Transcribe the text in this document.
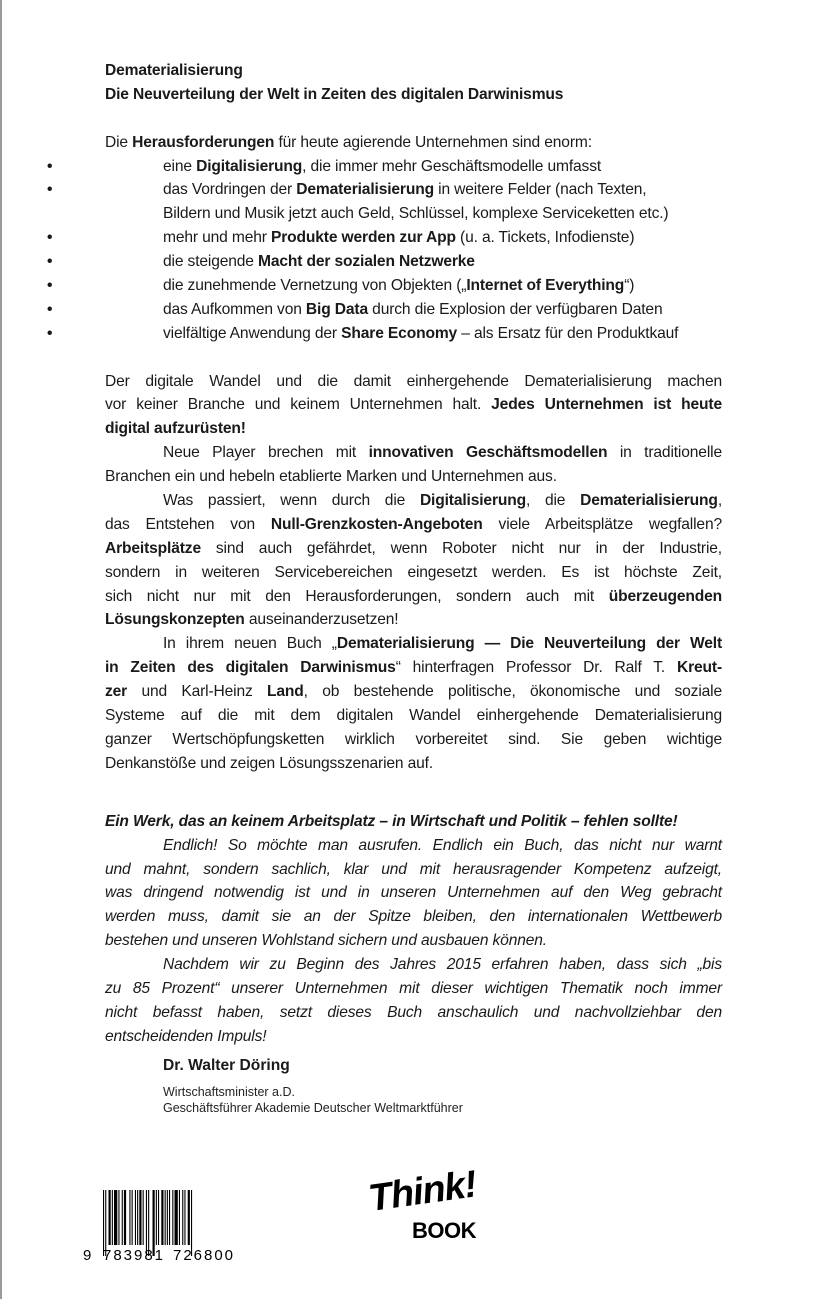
Dematerialisierung
Die Neuverteilung der Welt in Zeiten des digitalen Darwinismus
Die Herausforderungen für heute agierende Unternehmen sind enorm:
•	eine Digitalisierung, die immer mehr Geschäftsmodelle umfasst
•	das Vordringen der Dematerialisierung in weitere Felder (nach Texten,
Bildern und Musik jetzt auch Geld, Schlüssel, komplexe Serviceketten etc.)
•	mehr und mehr Produkte werden zur App (u. a. Tickets, Infodienste)
•	die steigende Macht der sozialen Netzwerke
•	die zunehmende Vernetzung von Objekten („Internet of Everything“)
•	das Aufkommen von Big Data durch die Explosion der verfügbaren Daten
•	vielfältige Anwendung der Share Economy – als Ersatz für den Produktkauf
Der digitale Wandel und die damit einhergehende Dematerialisierung machen
vor keiner Branche und keinem Unternehmen halt. Jedes Unternehmen ist heute
digital aufzurüsten!
Neue Player brechen mit innovativen Geschäftsmodellen in traditionelle
Branchen ein und hebeln etablierte Marken und Unternehmen aus.
Was passiert, wenn durch die Digitalisierung, die Dematerialisierung,
das Entstehen von Null-Grenzkosten-Angeboten viele Arbeitsplätze wegfallen?
Arbeitsplätze sind auch gefährdet, wenn Roboter nicht nur in der Industrie,
sondern in weiteren Servicebereichen eingesetzt werden. Es ist höchste Zeit,
sich nicht nur mit den Herausforderungen, sondern auch mit überzeugenden
Lösungskonzepten auseinanderzusetzen!
In ihrem neuen Buch „Dematerialisierung — Die Neuverteilung der Welt
in Zeiten des digitalen Darwinismus“ hinterfragen Professor Dr. Ralf T. Kreut-
zer und Karl-Heinz Land, ob bestehende politische, ökonomische und soziale
Systeme auf die mit dem digitalen Wandel einhergehende Dematerialisierung
ganzer Wertschöpfungsketten wirklich vorbereitet sind. Sie geben wichtige
Denkanstöße und zeigen Lösungsszenarien auf.
Ein Werk, das an keinem Arbeitsplatz – in Wirtschaft und Politik – fehlen sollte!
Endlich! So möchte man ausrufen. Endlich ein Buch, das nicht nur warnt
und mahnt, sondern sachlich, klar und mit herausragender Kompetenz aufzeigt,
was dringend notwendig ist und in unseren Unternehmen auf den Weg gebracht
werden muss, damit sie an der Spitze bleiben, den internationalen Wettbewerb
bestehen und unseren Wohlstand sichern und ausbauen können.
Nachdem wir zu Beginn des Jahres 2015 erfahren haben, dass sich „bis
zu 85 Prozent“ unserer Unternehmen mit dieser wichtigen Thematik noch immer
nicht befasst haben, setzt dieses Buch anschaulich und nachvollziehbar den
entscheidenden Impuls!
Dr. Walter Döring
Wirtschaftsminister a.D.
Geschäftsführer Akademie Deutscher Weltmarktführer
9 783981 726800
Think!
BOOK
